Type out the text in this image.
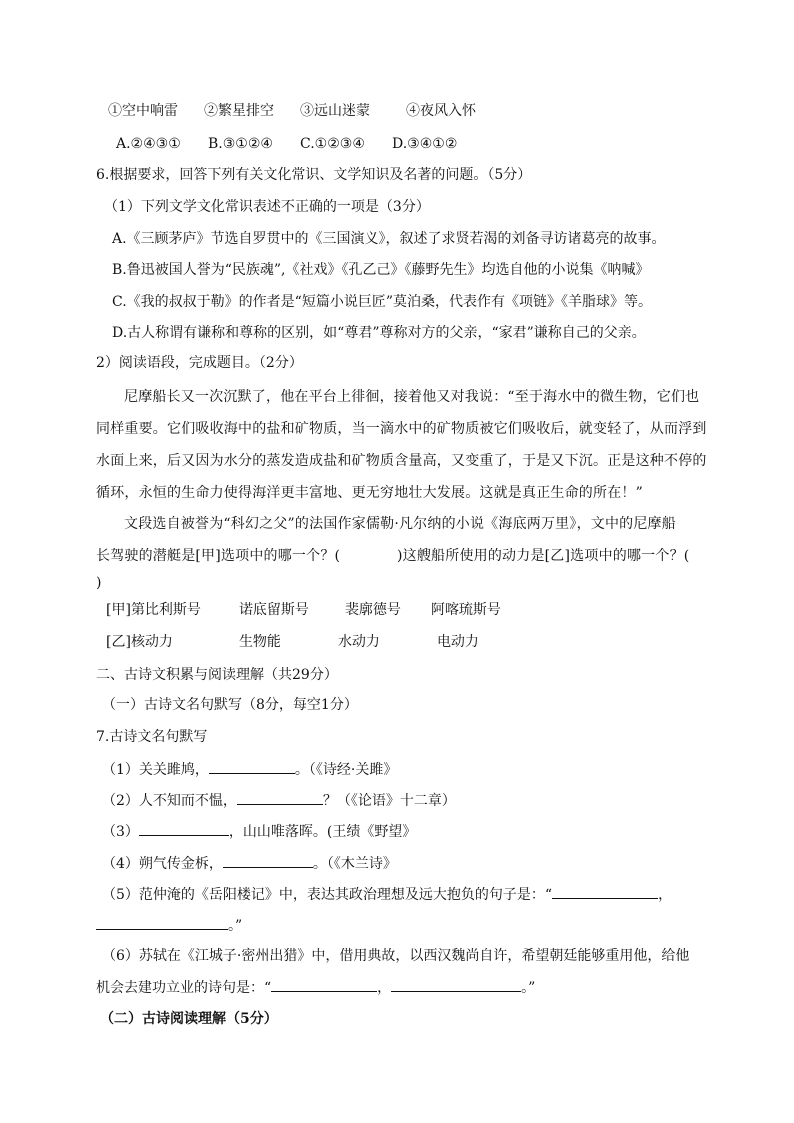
①空中响雷 ②繁星排空 ③远山迷蒙	④夜风入怀
A.②④③① B.③①②④ C.①②③④ D.③④①②
6.根据要求，回答下列有关文化常识、文学知识及名著的问题。（5分）
（1）下列文学文化常识表述不正确的一项是（3分）
A.《三顾茅庐》节选自罗贯中的《三国演义》，叙述了求贤若渴的刘备寻访诸葛亮的故事。
B.鲁迅被国人誉为“民族魂”,《社戏》《孔乙己》《藤野先生》均选自他的小说集《呐喊》
C.《我的叔叔于勒》的作者是“短篇小说巨匠”莫泊桑，代表作有《项链》《羊脂球》等。
D.古人称谓有谦称和尊称的区别，如“尊君”尊称对方的父亲，“家君”谦称自己的父亲。
2）阅读语段，完成题目。（2分）

尼摩船长又一次沉默了，他在平台上徘徊，接着他又对我说：“至于海水中的微生物，它们也

同样重要。它们吸收海中的盐和矿物质，当一滴水中的矿物质被它们吸收后，就变轻了，从而浮到

水面上来，后又因为水分的蒸发造成盐和矿物质含量高，又变重了，于是又下沉。正是这种不停的

循环，永恒的生命力使得海洋更丰富地、更无穷地壮大发展。这就是真正生命的所在！”

文段选自被誉为“科幻之父”的法国作家儒勒·凡尔纳的小说《海底两万里》，文中的尼摩船

长驾驶的潜艇是[甲]选项中的哪一个？(　　　　)这艘船所使用的动力是[乙]选项中的哪一个？(

)

[甲]第比利斯号	诺底留斯号	裴廓德号 阿喀琉斯号
[乙]核动力	生物能	水动力	电动力
二、古诗文积累与阅读理解（共29分）
（一）古诗文名句默写（8分，每空1分）
7.古诗文名句默写
（1）关关雎鸠，	。（《诗经·关雎》
（2）人不知而不愠，	？（《论语》十二章）
（3）	，山山唯落晖。(王绩《野望》
（4）朔气传金柝，	。（《木兰诗》
（5）范仲淹的《岳阳楼记》中，表达其政治理想及远大抱负的句子是：“	，
。”
（6）苏轼在《江城子·密州出猎》中，借用典故，以西汉魏尚自许，希望朝廷能够重用他，给他
机会去建功立业的诗句是：“	，	。”
（二）古诗阅读理解（5分）
